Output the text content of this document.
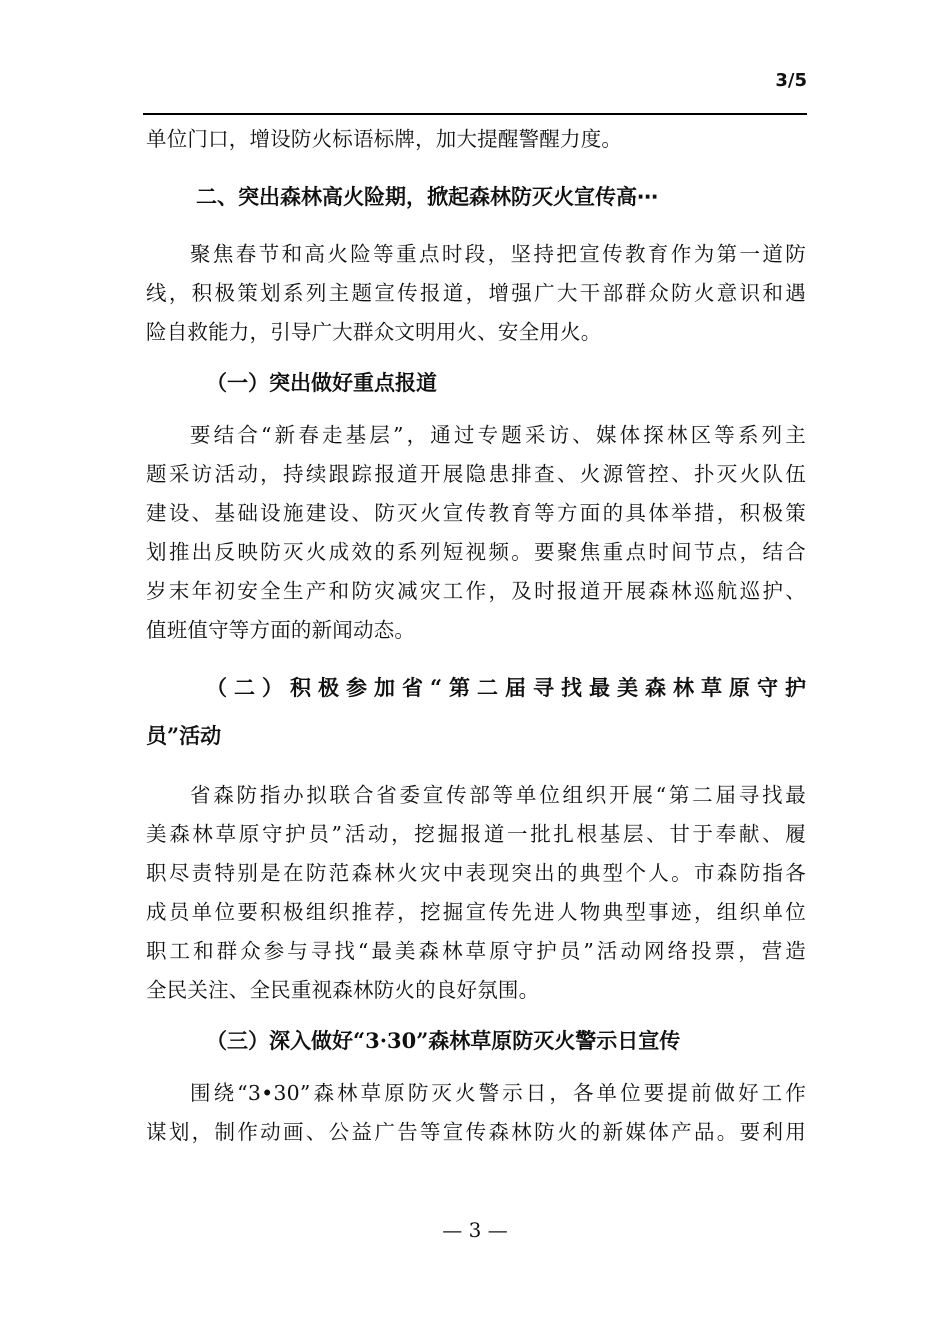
3/5
单位门口，增设防火标语标牌，加大提醒警醒力度。
二、突出森林高火险期，掀起森林防灭火宣传高⋯
聚焦春节和高火险等重点时段，坚持把宣传教育作为第一道防
线，积极策划系列主题宣传报道，增强广大干部群众防火意识和遇
险自救能力，引导广大群众文明用火、安全用火。
（一）突出做好重点报道
要结合“新春走基层”，通过专题采访、媒体探林区等系列主
题采访活动，持续跟踪报道开展隐患排查、火源管控、扑灭火队伍
建设、基础设施建设、防灭火宣传教育等方面的具体举措，积极策
划推出反映防灭火成效的系列短视频。要聚焦重点时间节点，结合
岁末年初安全生产和防灾减灾工作，及时报道开展森林巡航巡护、
值班值守等方面的新闻动态。
（二）积极参加省“第二届寻找最美森林草原守护
员”活动
省森防指办拟联合省委宣传部等单位组织开展“第二届寻找最
美森林草原守护员”活动，挖掘报道一批扎根基层、甘于奉献、履
职尽责特别是在防范森林火灾中表现突出的典型个人。市森防指各
成员单位要积极组织推荐，挖掘宣传先进人物典型事迹，组织单位
职工和群众参与寻找“最美森林草原守护员”活动网络投票，营造
全民关注、全民重视森林防火的良好氛围。
（三）深入做好“3·30”森林草原防灭火警示日宣传
围绕“3•30”森林草原防灭火警示日，各单位要提前做好工作
谋划，制作动画、公益广告等宣传森林防火的新媒体产品。要利用
— 3 —
